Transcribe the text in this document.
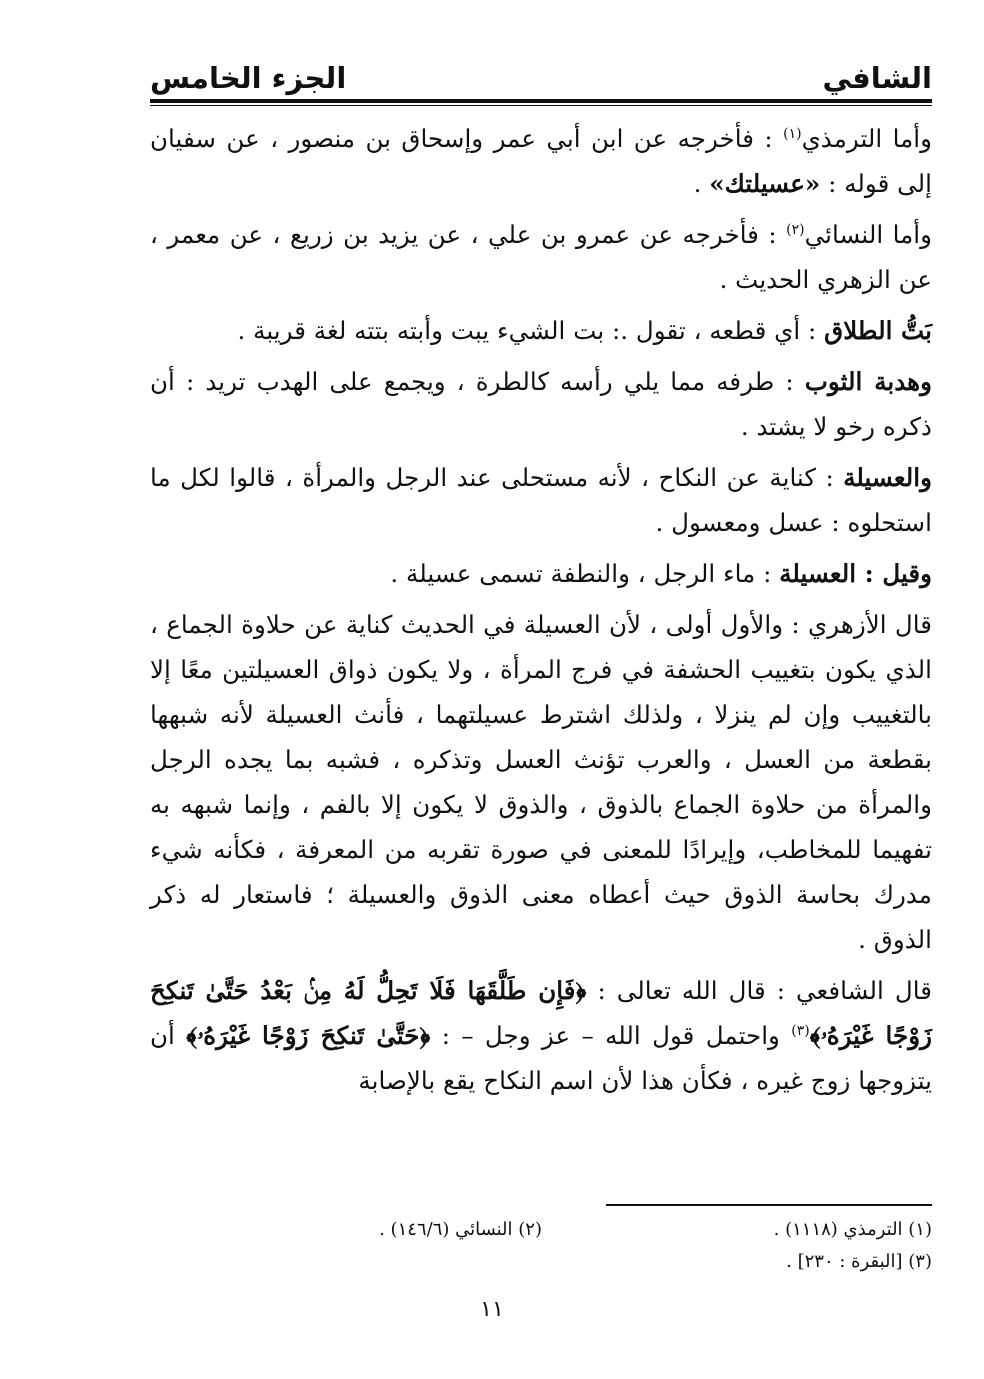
الشافي
الجزء الخامس

وأما الترمذي$^{(١)}$ : فأخرجه عن ابن أبي عمر وإسحاق بن منصور ، عن سفيان إلى قوله : «عسيلتك» .

وأما النسائي$^{(٢)}$ : فأخرجه عن عمرو بن علي ، عن يزيد بن زريع ، عن معمر ، عن الزهري الحديث .

بَتُّ الطلاق : أي قطعه ، تقول .: بت الشيء يبت وأبته بتته لغة قريبة .

وهدبة الثوب : طرفه مما يلي رأسه كالطرة ، ويجمع على الهدب تريد : أن ذكره رخو لا يشتد .

والعسيلة : كناية عن النكاح ، لأنه مستحلى عند الرجل والمرأة ، قالوا لكل ما استحلوه : عسل ومعسول .

وقيل : العسيلة : ماء الرجل ، والنطفة تسمى عسيلة .

قال الأزهري : والأول أولى ، لأن العسيلة في الحديث كناية عن حلاوة الجماع ، الذي يكون بتغييب الحشفة في فرج المرأة ، ولا يكون ذواق العسيلتين معًا إلا بالتغييب وإن لم ينزلا ، ولذلك اشترط عسيلتهما ، فأنث العسيلة لأنه شبهها بقطعة من العسل ، والعرب تؤنث العسل وتذكره ، فشبه بما يجده الرجل والمرأة من حلاوة الجماع بالذوق ، والذوق لا يكون إلا بالفم ، وإنما شبهه به تفهيما للمخاطب، وإيرادًا للمعنى في صورة تقربه من المعرفة ، فكأنه شيء مدرك بحاسة الذوق حيث أعطاه معنى الذوق والعسيلة ؛ فاستعار له ذكر الذوق .

قال الشافعي : قال الله تعالى : ﴿فَإِن طَلَّقَهَا فَلَا تَحِلُّ لَهُ مِنۢ بَعْدُ حَتَّىٰ تَنكِحَ زَوْجًا غَيْرَهُۥ﴾$^{(٣)}$ واحتمل قول الله – عز وجل – : ﴿حَتَّىٰ تَنكِحَ زَوْجًا غَيْرَهُۥ﴾ أن يتزوجها زوج غيره ، فكأن هذا لأن اسم النكاح يقع بالإصابة

(١) الترمذي (١١١٨) .
(٢) النسائي (١٤٦/٦) .
(٣) [البقرة : ٢٣٠] .
١١
